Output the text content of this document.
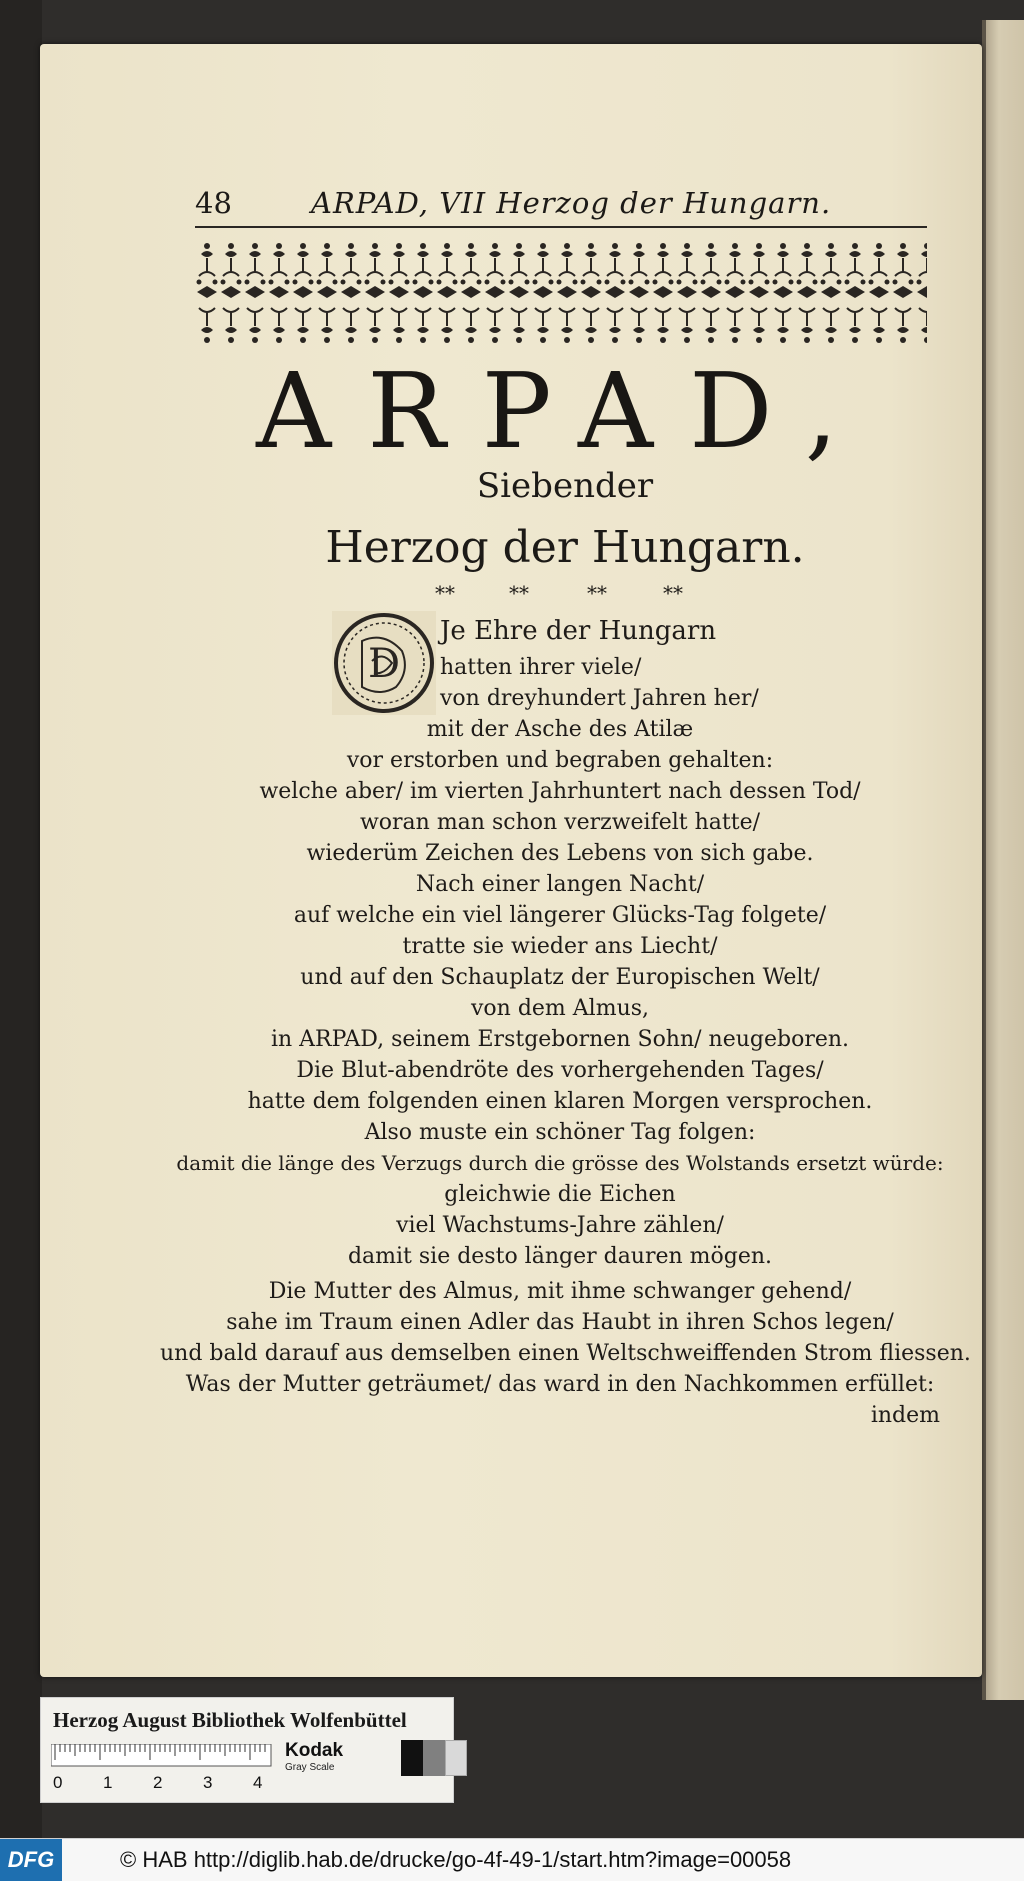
48	ARPAD, VII Herzog der Hungarn.
ARPAD,
Siebender
Herzog der Hungarn.
**	**	**	**
D
Je Ehre der Hungarn
hatten ihrer viele/
von dreyhundert Jahren her/
mit der Asche des Atilæ
vor erstorben und begraben gehalten:
welche aber/ im vierten Jahrhuntert nach dessen Tod/
woran man schon verzweifelt hatte/
wiederüm Zeichen des Lebens von sich gabe.
Nach einer langen Nacht/
auf welche ein viel längerer Glücks-Tag folgete/
tratte sie wieder ans Liecht/
und auf den Schauplatz der Europischen Welt/
von dem Almus,
in ARPAD, seinem Erstgebornen Sohn/ neugeboren.
Die Blut-abendröte des vorhergehenden Tages/
hatte dem folgenden einen klaren Morgen versprochen.
Also muste ein schöner Tag folgen:
damit die länge des Verzugs durch die grösse des Wolstands ersetzt würde:
gleichwie die Eichen
viel Wachstums-Jahre zählen/
damit sie desto länger dauren mögen.
Die Mutter des Almus, mit ihme schwanger gehend/
sahe im Traum einen Adler das Haubt in ihren Schos legen/
und bald darauf aus demselben einen Weltschweiffenden Strom fliessen.
Was der Mutter geträumet/ das ward in den Nachkommen erfüllet:
indem
Herzog August Bibliothek Wolfenbüttel
0 1 2 3 4
Kodak
Gray Scale
DFG	© HAB http://diglib.hab.de/drucke/go-4f-49-1/start.htm?image=00058
